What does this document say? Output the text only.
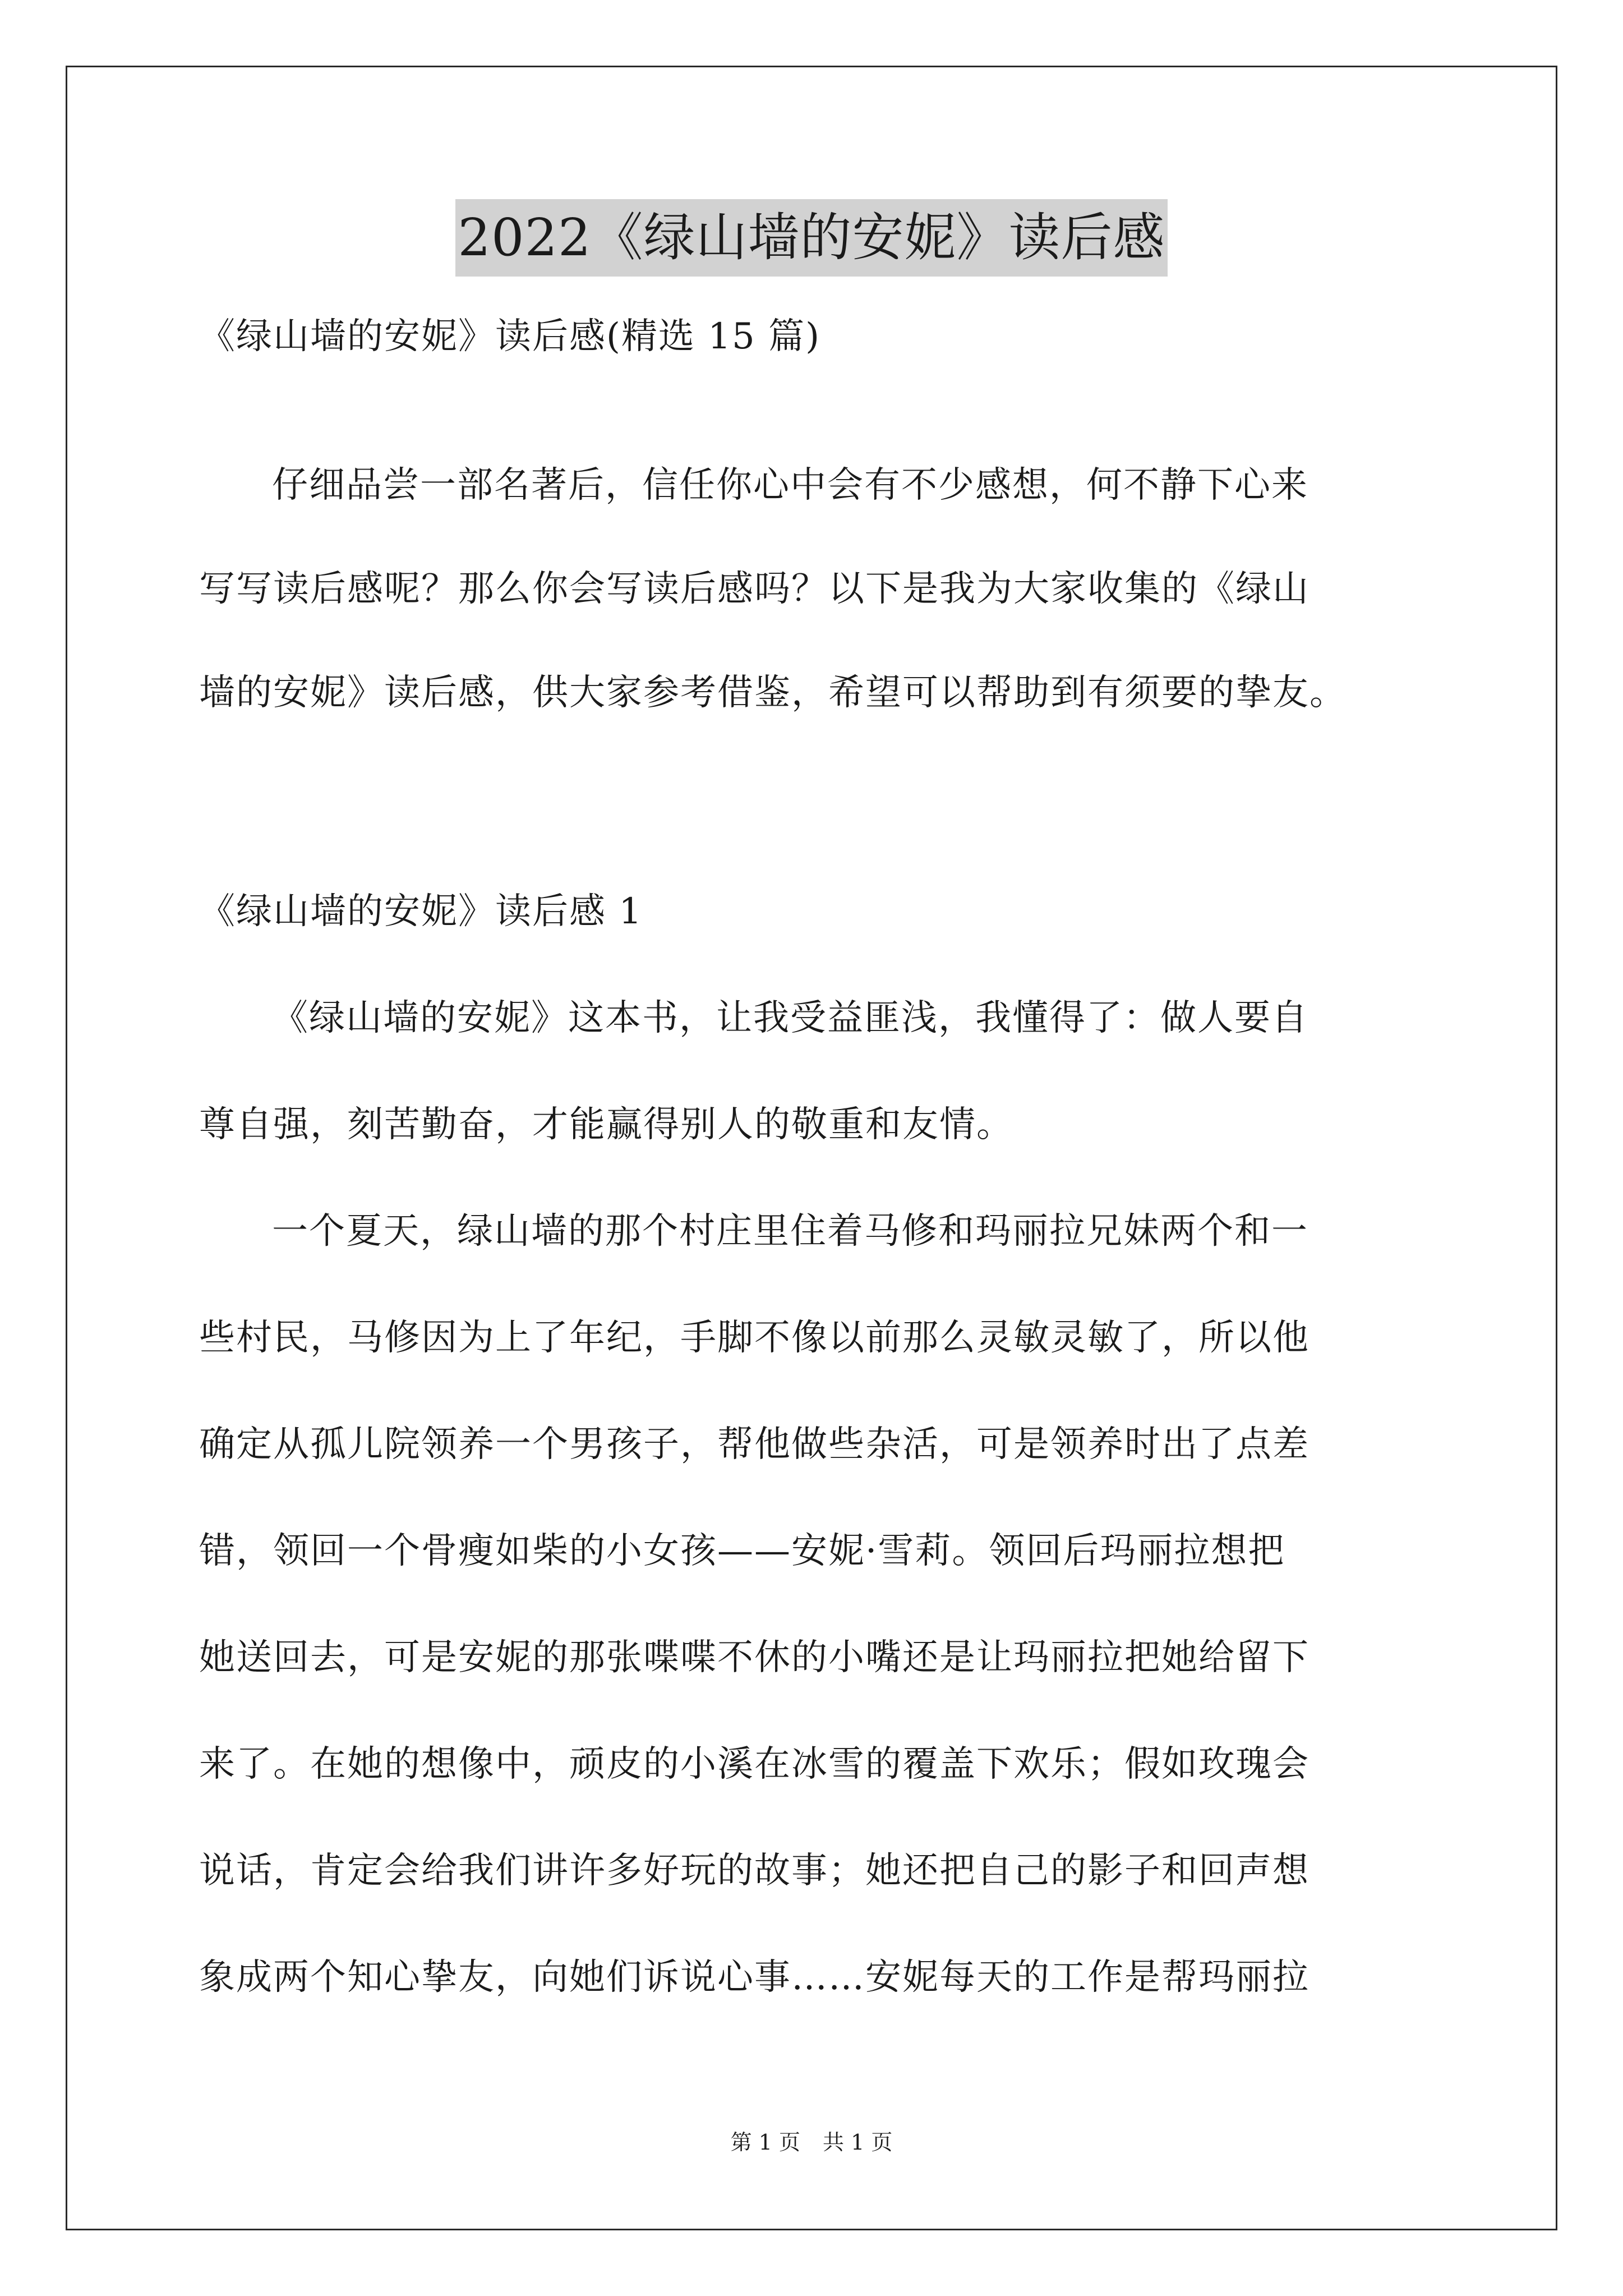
2022《绿山墙的安妮》读后感
《绿山墙的安妮》读后感(精选 15 篇)
仔细品尝一部名著后，信任你心中会有不少感想，何不静下心来
写写读后感呢？那么你会写读后感吗？以下是我为大家收集的《绿山
墙的安妮》读后感，供大家参考借鉴，希望可以帮助到有须要的挚友。
《绿山墙的安妮》读后感 1
《绿山墙的安妮》这本书，让我受益匪浅，我懂得了：做人要自
尊自强，刻苦勤奋，才能赢得别人的敬重和友情。
一个夏天，绿山墙的那个村庄里住着马修和玛丽拉兄妹两个和一
些村民，马修因为上了年纪，手脚不像以前那么灵敏灵敏了，所以他
确定从孤儿院领养一个男孩子，帮他做些杂活，可是领养时出了点差
错，领回一个骨瘦如柴的小女孩——安妮·雪莉。领回后玛丽拉想把
她送回去，可是安妮的那张喋喋不休的小嘴还是让玛丽拉把她给留下
来了。在她的想像中，顽皮的小溪在冰雪的覆盖下欢乐；假如玫瑰会
说话，肯定会给我们讲许多好玩的故事；她还把自己的影子和回声想
象成两个知心挚友，向她们诉说心事……安妮每天的工作是帮玛丽拉
第 1 页 共 1 页
